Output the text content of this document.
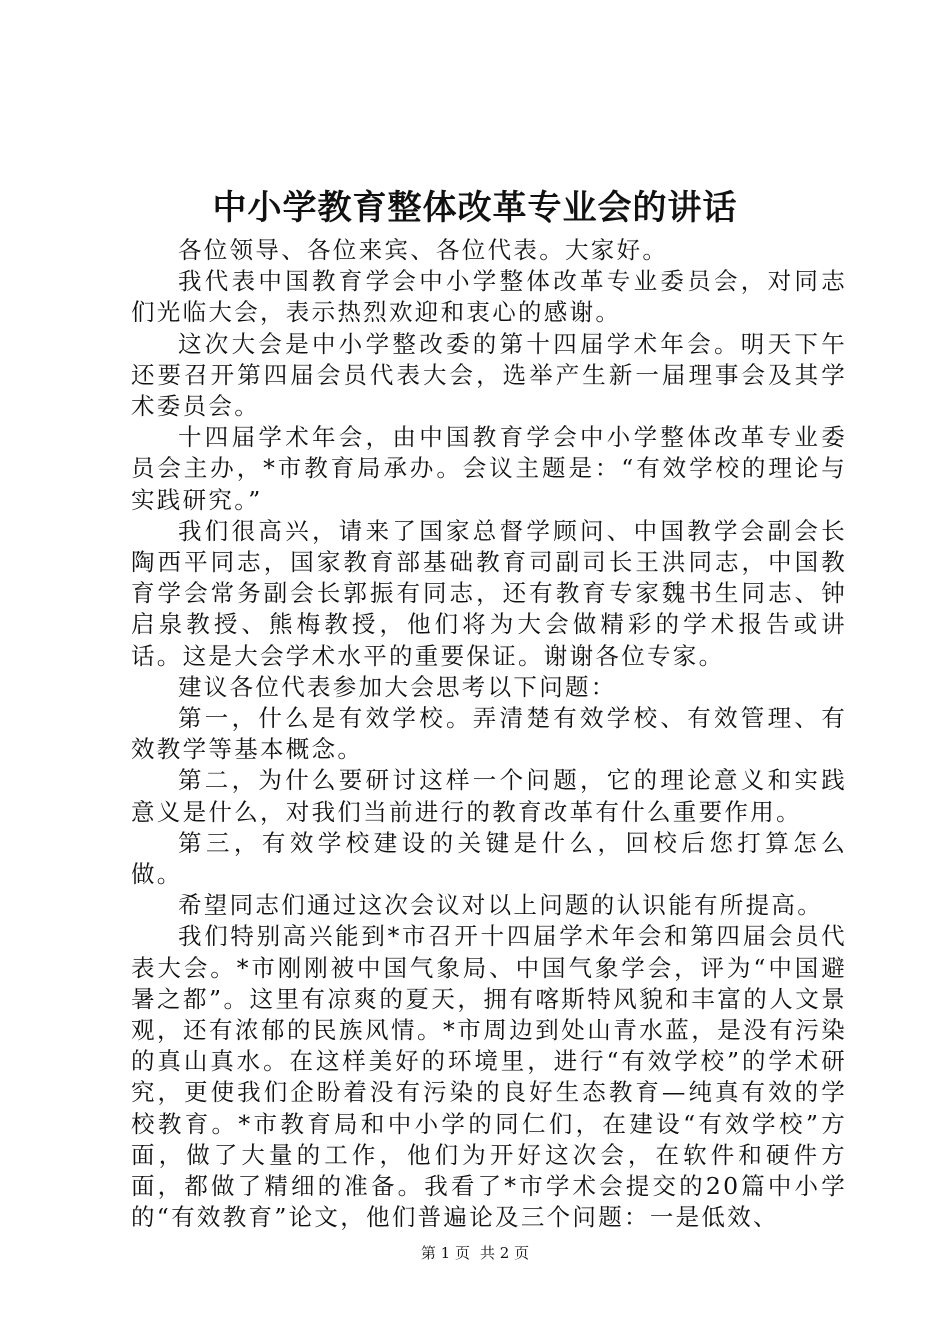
中小学教育整体改革专业会的讲话

各位领导、各位来宾、各位代表。大家好。

我代表中国教育学会中小学整体改革专业委员会，对同志们光临大会，表示热烈欢迎和衷心的感谢。

这次大会是中小学整改委的第十四届学术年会。明天下午还要召开第四届会员代表大会，选举产生新一届理事会及其学术委员会。

十四届学术年会，由中国教育学会中小学整体改革专业委员会主办，*市教育局承办。会议主题是：“有效学校的理论与实践研究。”

我们很高兴，请来了国家总督学顾问、中国教学会副会长陶西平同志，国家教育部基础教育司副司长王洪同志，中国教育学会常务副会长郭振有同志，还有教育专家魏书生同志、钟启泉教授、熊梅教授，他们将为大会做精彩的学术报告或讲话。这是大会学术水平的重要保证。谢谢各位专家。

建议各位代表参加大会思考以下问题：

第一，什么是有效学校。弄清楚有效学校、有效管理、有效教学等基本概念。

第二，为什么要研讨这样一个问题，它的理论意义和实践意义是什么，对我们当前进行的教育改革有什么重要作用。

第三，有效学校建设的关键是什么，回校后您打算怎么做。

希望同志们通过这次会议对以上问题的认识能有所提高。

我们特别高兴能到*市召开十四届学术年会和第四届会员代表大会。*市刚刚被中国气象局、中国气象学会，评为“中国避暑之都”。这里有凉爽的夏天，拥有喀斯特风貌和丰富的人文景观，还有浓郁的民族风情。*市周边到处山青水蓝，是没有污染的真山真水。在这样美好的环境里，进行“有效学校”的学术研究，更使我们企盼着没有污染的良好生态教育—纯真有效的学校教育。*市教育局和中小学的同仁们，在建设“有效学校”方面，做了大量的工作，他们为开好这次会，在软件和硬件方面，都做了精细的准备。我看了*市学术会提交的20篇中小学的“有效教育”论文，他们普遍论及三个问题：一是低效、

第 1 页 共 2 页
